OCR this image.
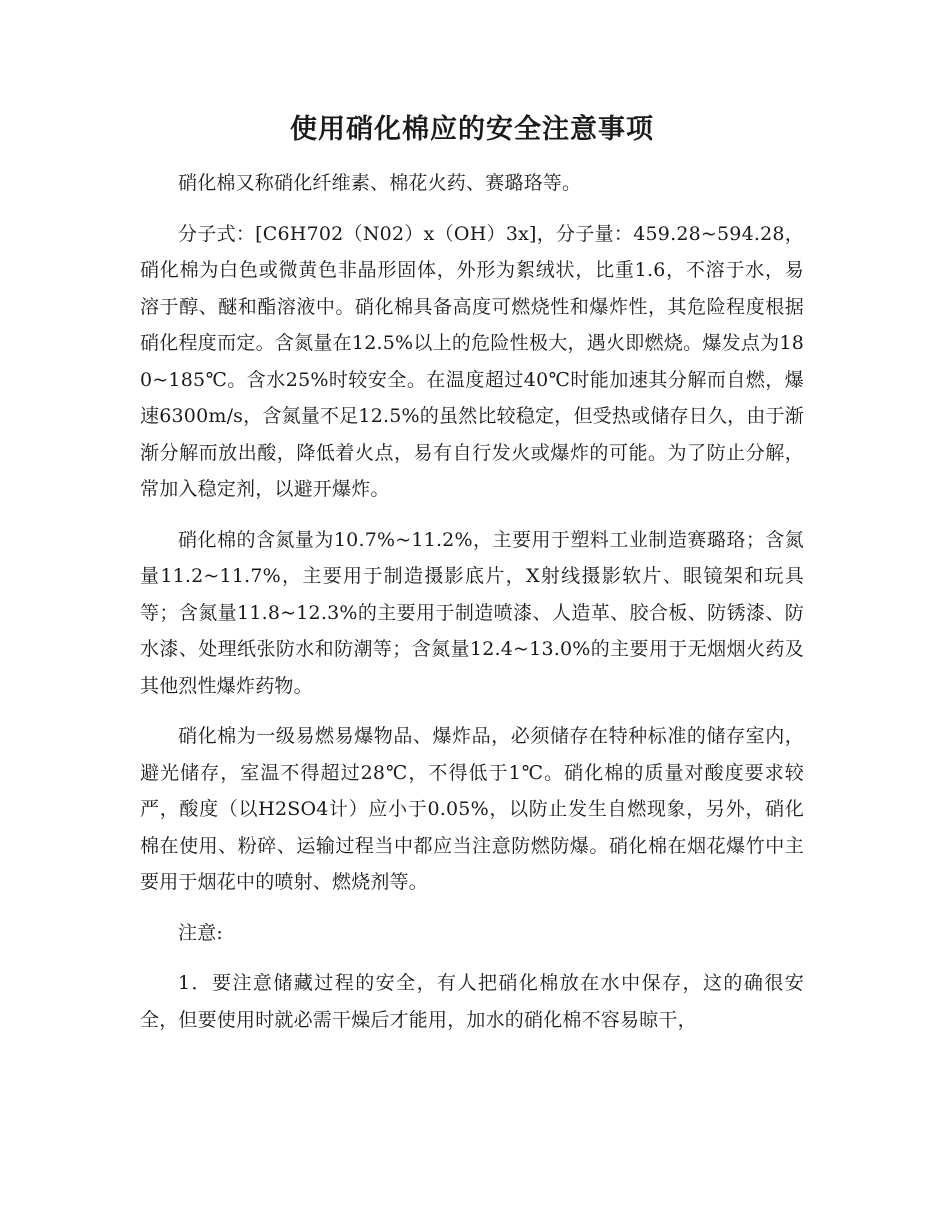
使用硝化棉应的安全注意事项

硝化棉又称硝化纤维素、棉花火药、赛璐珞等。

分子式：[C6H702（N02）x（OH）3x]，分子量：459.28~594.28，硝化棉为白色或微黄色非晶形固体，外形为絮绒状，比重1.6，不溶于水，易溶于醇、醚和酯溶液中。硝化棉具备高度可燃烧性和爆炸性，其危险程度根据硝化程度而定。含氮量在12.5%以上的危险性极大，遇火即燃烧。爆发点为180~185℃。含水25%时较安全。在温度超过40℃时能加速其分解而自燃，爆速6300m/s，含氮量不足12.5%的虽然比较稳定，但受热或储存日久，由于渐渐分解而放出酸，降低着火点，易有自行发火或爆炸的可能。为了防止分解，常加入稳定剂，以避开爆炸。

硝化棉的含氮量为10.7%~11.2%，主要用于塑料工业制造赛璐珞；含氮量11.2~11.7%，主要用于制造摄影底片，X射线摄影软片、眼镜架和玩具等；含氮量11.8~12.3%的主要用于制造喷漆、人造革、胶合板、防锈漆、防水漆、处理纸张防水和防潮等；含氮量12.4~13.0%的主要用于无烟烟火药及其他烈性爆炸药物。

硝化棉为一级易燃易爆物品、爆炸品，必须储存在特种标准的储存室内，避光储存，室温不得超过28℃，不得低于1℃。硝化棉的质量对酸度要求较严，酸度（以H2SO4计）应小于0.05%，以防止发生自燃现象，另外，硝化棉在使用、粉碎、运输过程当中都应当注意防燃防爆。硝化棉在烟花爆竹中主要用于烟花中的喷射、燃烧剂等。

注意:

1．要注意储藏过程的安全，有人把硝化棉放在水中保存，这的确很安全，但要使用时就必需干燥后才能用，加水的硝化棉不容易晾干，
